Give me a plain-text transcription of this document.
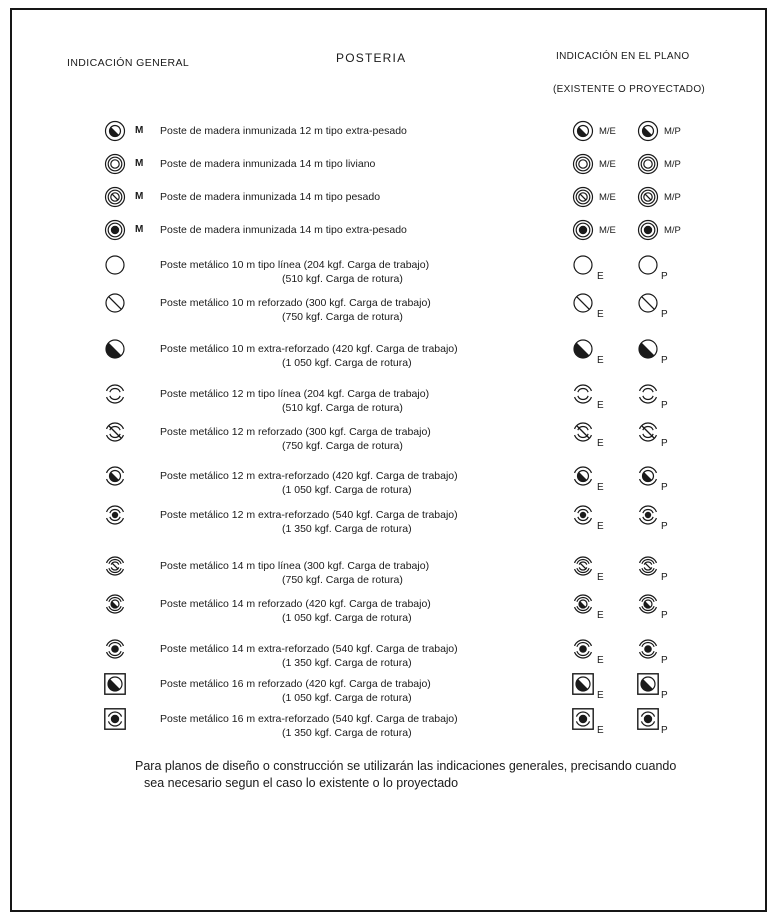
INDICACIÓN GENERAL	POSTERIA	INDICACIÓN EN EL PLANO
(EXISTENTE O PROYECTADO)
M Poste de madera inmunizada 12 m tipo extra-pesado	M/E	M/P
M Poste de madera inmunizada 14 m tipo liviano	M/E	M/P
M Poste de madera inmunizada 14 m tipo pesado	M/E	M/P
M Poste de madera inmunizada 14 m tipo extra-pesado	M/E	M/P
Poste metálico 10 m tipo línea (204 kgf. Carga de trabajo)
(510 kgf. Carga de rotura)	E	P
Poste metálico 10 m reforzado (300 kgf. Carga de trabajo)
(750 kgf. Carga de rotura)	E	P
Poste metálico 10 m extra-reforzado (420 kgf. Carga de trabajo)
(1 050 kgf. Carga de rotura)	E	P
Poste metálico 12 m tipo línea (204 kgf. Carga de trabajo)
(510 kgf. Carga de rotura)	E	P
Poste metálico 12 m reforzado (300 kgf. Carga de trabajo)
(750 kgf. Carga de rotura)	E	P
Poste metálico 12 m extra-reforzado (420 kgf. Carga de trabajo)
(1 050 kgf. Carga de rotura)	E	P
Poste metálico 12 m extra-reforzado (540 kgf. Carga de trabajo)
(1 350 kgf. Carga de rotura)	E	P
Poste metálico 14 m tipo línea (300 kgf. Carga de trabajo)
(750 kgf. Carga de rotura)	E	P
Poste metálico 14 m reforzado (420 kgf. Carga de trabajo)
(1 050 kgf. Carga de rotura)	E	P
Poste metálico 14 m extra-reforzado (540 kgf. Carga de trabajo)
(1 350 kgf. Carga de rotura)	E	P
Poste metálico 16 m reforzado (420 kgf. Carga de trabajo)
(1 050 kgf. Carga de rotura)	E	P
Poste metálico 16 m extra-reforzado (540 kgf. Carga de trabajo)
(1 350 kgf. Carga de rotura)	E	P
Para planos de diseño o construcción se utilizarán las indicaciones generales, precisando cuando
sea necesario segun el caso lo existente o lo proyectado
